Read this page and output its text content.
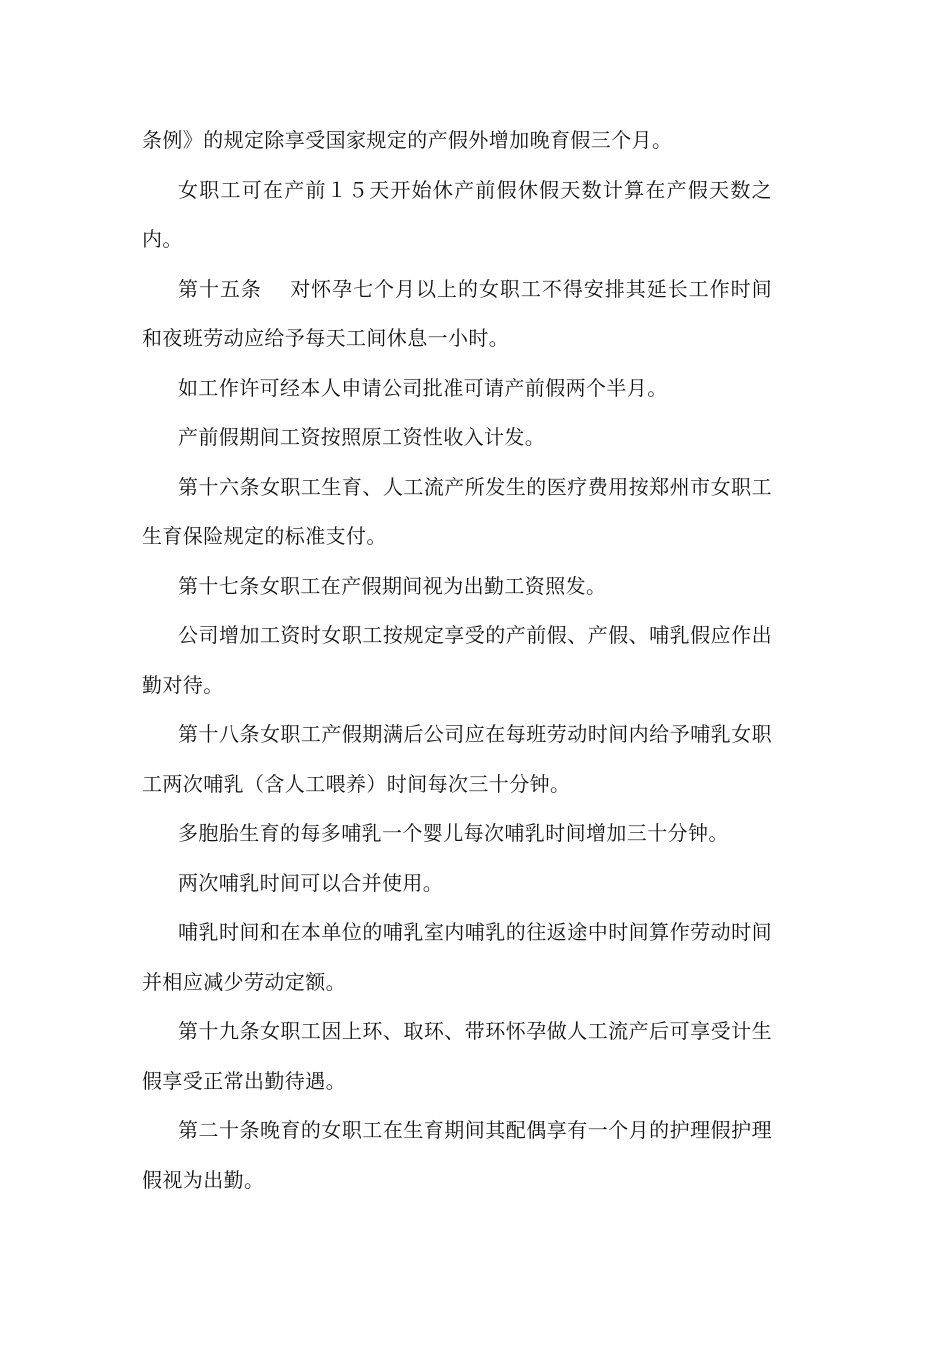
条例》的规定除享受国家规定的产假外增加晚育假三个月。

女职工可在产前１５天开始休产前假休假天数计算在产假天数之内。

第十五条　 对怀孕七个月以上的女职工不得安排其延长工作时间和夜班劳动应给予每天工间休息一小时。

如工作许可经本人申请公司批准可请产前假两个半月。

产前假期间工资按照原工资性收入计发。

第十六条女职工生育、人工流产所发生的医疗费用按郑州市女职工生育保险规定的标准支付。

第十七条女职工在产假期间视为出勤工资照发。

公司增加工资时女职工按规定享受的产前假、产假、哺乳假应作出勤对待。

第十八条女职工产假期满后公司应在每班劳动时间内给予哺乳女职工两次哺乳（含人工喂养）时间每次三十分钟。

多胞胎生育的每多哺乳一个婴儿每次哺乳时间增加三十分钟。

两次哺乳时间可以合并使用。

哺乳时间和在本单位的哺乳室内哺乳的往返途中时间算作劳动时间并相应减少劳动定额。

第十九条女职工因上环、取环、带环怀孕做人工流产后可享受计生假享受正常出勤待遇。

第二十条晚育的女职工在生育期间其配偶享有一个月的护理假护理假视为出勤。
